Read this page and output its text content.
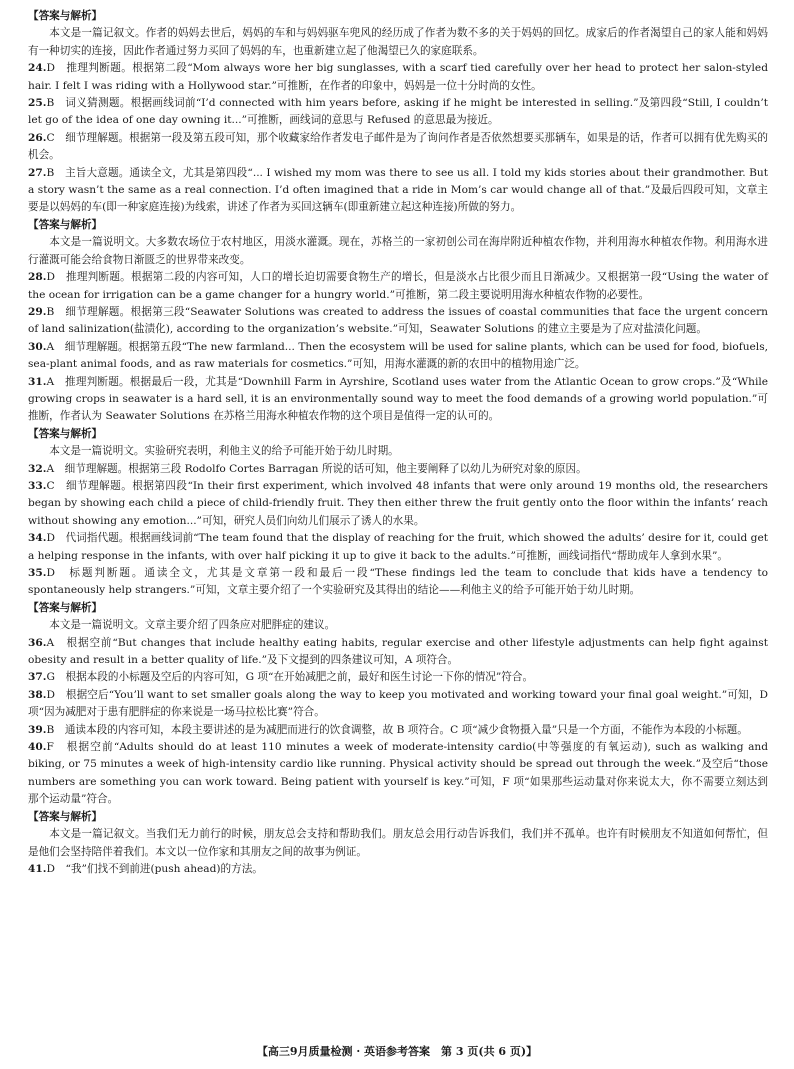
【答案与解析】

本文是一篇记叙文。作者的妈妈去世后，妈妈的车和与妈妈驱车兜风的经历成了作者为数不多的关于妈妈的回忆。成家后的作者渴望自己的家人能和妈妈有一种切实的连接，因此作者通过努力买回了妈妈的车，也重新建立起了他渴望已久的家庭联系。

24.D　推理判断题。根据第二段“Mom always wore her big sunglasses, with a scarf tied carefully over her head to protect her salon-styled hair. I felt I was riding with a Hollywood star.”可推断，在作者的印象中，妈妈是一位十分时尚的女性。

25.B　词义猜测题。根据画线词前“I’d connected with him years before, asking if he might be interested in selling.”及第四段“Still, I couldn’t let go of the idea of one day owning it...”可推断，画线词的意思与 Refused 的意思最为接近。

26.C　细节理解题。根据第一段及第五段可知，那个收藏家给作者发电子邮件是为了询问作者是否依然想要买那辆车，如果是的话，作者可以拥有优先购买的机会。

27.B　主旨大意题。通读全文，尤其是第四段“... I wished my mom was there to see us all. I told my kids stories about their grandmother. But a story wasn’t the same as a real connection. I’d often imagined that a ride in Mom’s car would change all of that.”及最后四段可知，文章主要是以妈妈的车(即一种家庭连接)为线索，讲述了作者为买回这辆车(即重新建立起这种连接)所做的努力。

【答案与解析】

本文是一篇说明文。大多数农场位于农村地区，用淡水灌溉。现在，苏格兰的一家初创公司在海岸附近种植农作物，并利用海水种植农作物。利用海水进行灌溉可能会给食物日渐匮乏的世界带来改变。

28.D　推理判断题。根据第二段的内容可知，人口的增长迫切需要食物生产的增长，但是淡水占比很少而且日渐减少。又根据第一段“Using the water of the ocean for irrigation can be a game changer for a hungry world.”可推断，第二段主要说明用海水种植农作物的必要性。

29.B　细节理解题。根据第三段“Seawater Solutions was created to address the issues of coastal communities that face the urgent concern of land salinization(盐渍化), according to the organization’s website.”可知，Seawater Solutions 的建立主要是为了应对盐渍化问题。

30.A　细节理解题。根据第五段“The new farmland... Then the ecosystem will be used for saline plants, which can be used for food, biofuels, sea-plant animal foods, and as raw materials for cosmetics.”可知，用海水灌溉的新的农田中的植物用途广泛。

31.A　推理判断题。根据最后一段，尤其是“Downhill Farm in Ayrshire, Scotland uses water from the Atlantic Ocean to grow crops.”及“While growing crops in seawater is a hard sell, it is an environmentally sound way to meet the food demands of a growing world population.”可推断，作者认为 Seawater Solutions 在苏格兰用海水种植农作物的这个项目是值得一定的认可的。

【答案与解析】

本文是一篇说明文。实验研究表明，利他主义的给予可能开始于幼儿时期。

32.A　细节理解题。根据第三段 Rodolfo Cortes Barragan 所说的话可知，他主要阐释了以幼儿为研究对象的原因。

33.C　细节理解题。根据第四段“In their first experiment, which involved 48 infants that were only around 19 months old, the researchers began by showing each child a piece of child-friendly fruit. They then either threw the fruit gently onto the floor within the infants’ reach without showing any emotion...”可知，研究人员们向幼儿们展示了诱人的水果。

34.D　代词指代题。根据画线词前“The team found that the display of reaching for the fruit, which showed the adults’ desire for it, could get a helping response in the infants, with over half picking it up to give it back to the adults.”可推断，画线词指代“帮助成年人拿到水果”。

35.D　标题判断题。通读全文，尤其是文章第一段和最后一段“These findings led the team to conclude that kids have a tendency to spontaneously help strangers.”可知，文章主要介绍了一个实验研究及其得出的结论——利他主义的给予可能开始于幼儿时期。

【答案与解析】

本文是一篇说明文。文章主要介绍了四条应对肥胖症的建议。

36.A　根据空前“But changes that include healthy eating habits, regular exercise and other lifestyle adjustments can help fight against obesity and result in a better quality of life.”及下文提到的四条建议可知，A 项符合。

37.G　根据本段的小标题及空后的内容可知，G 项“在开始减肥之前，最好和医生讨论一下你的情况”符合。

38.D　根据空后“You’ll want to set smaller goals along the way to keep you motivated and working toward your final goal weight.”可知，D 项“因为减肥对于患有肥胖症的你来说是一场马拉松比赛”符合。

39.B　通读本段的内容可知，本段主要讲述的是为减肥而进行的饮食调整，故 B 项符合。C 项“减少食物摄入量”只是一个方面，不能作为本段的小标题。

40.F　根据空前“Adults should do at least 110 minutes a week of moderate-intensity cardio(中等强度的有氧运动), such as walking and biking, or 75 minutes a week of high-intensity cardio like running. Physical activity should be spread out through the week.”及空后“those numbers are something you can work toward. Being patient with yourself is key.”可知，F 项“如果那些运动量对你来说太大，你不需要立刻达到那个运动量”符合。

【答案与解析】

本文是一篇记叙文。当我们无力前行的时候，朋友总会支持和帮助我们。朋友总会用行动告诉我们，我们并不孤单。也许有时候朋友不知道如何帮忙，但是他们会坚持陪伴着我们。本文以一位作家和其朋友之间的故事为例证。

41.D　“我”们找不到前进(push ahead)的方法。

【高三9月质量检测 · 英语参考答案　第 3 页(共 6 页)】
